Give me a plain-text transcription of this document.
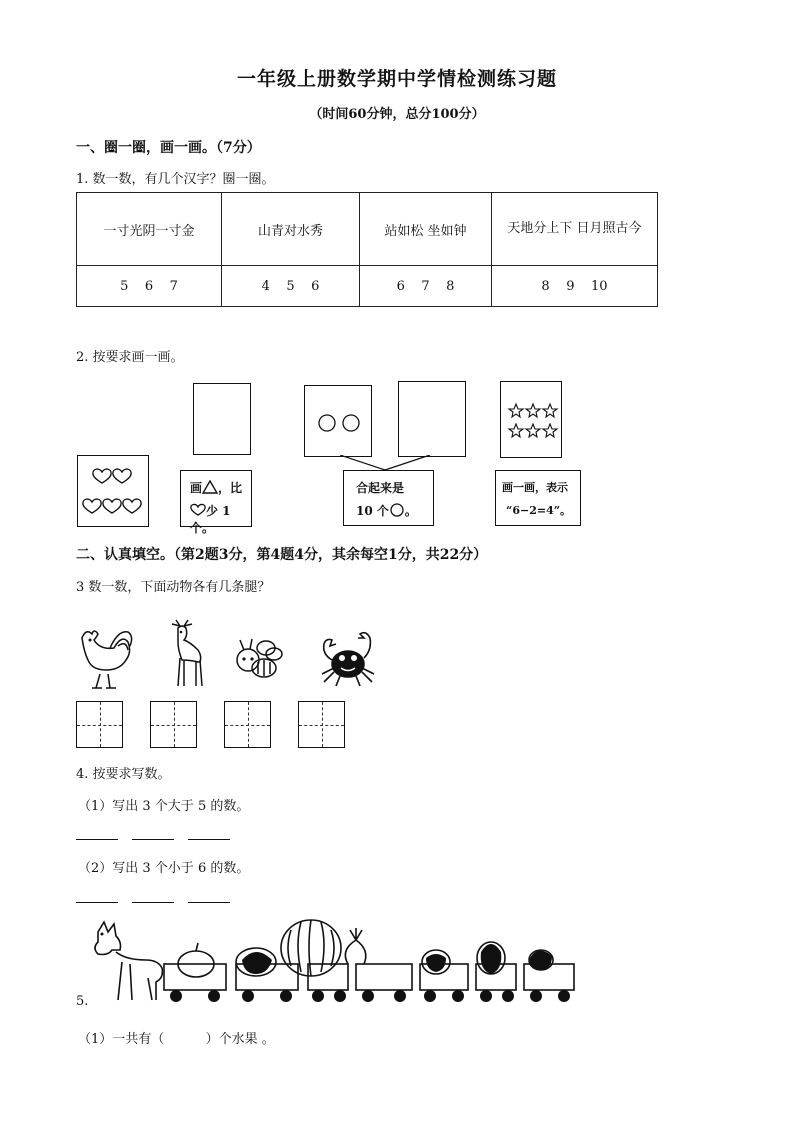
一年级上册数学期中学情检测练习题
（时间60分钟，总分100分）
一、圈一圈，画一画。（7分）
1. 数一数，有几个汉字？圈一圈。
一寸光阴一寸金	山青对水秀	站如松 坐如钟	天地分上下 日月照古今
5    6    7	4    5    6	6    7    8	8    9    10
2. 按要求画一画。
画 ，比
少 1 个。
合起来是
10 个 。
画一画，表示
“6−2=4”。
二、认真填空。（第2题3分，第4题4分，其余每空1分，共22分）
3 数一数，下面动物各有几条腿？
4. 按要求写数。
（1）写出 3 个大于 5 的数。
（2）写出 3 个小于 6 的数。
5.
（1）一共有（          ）个水果 。
